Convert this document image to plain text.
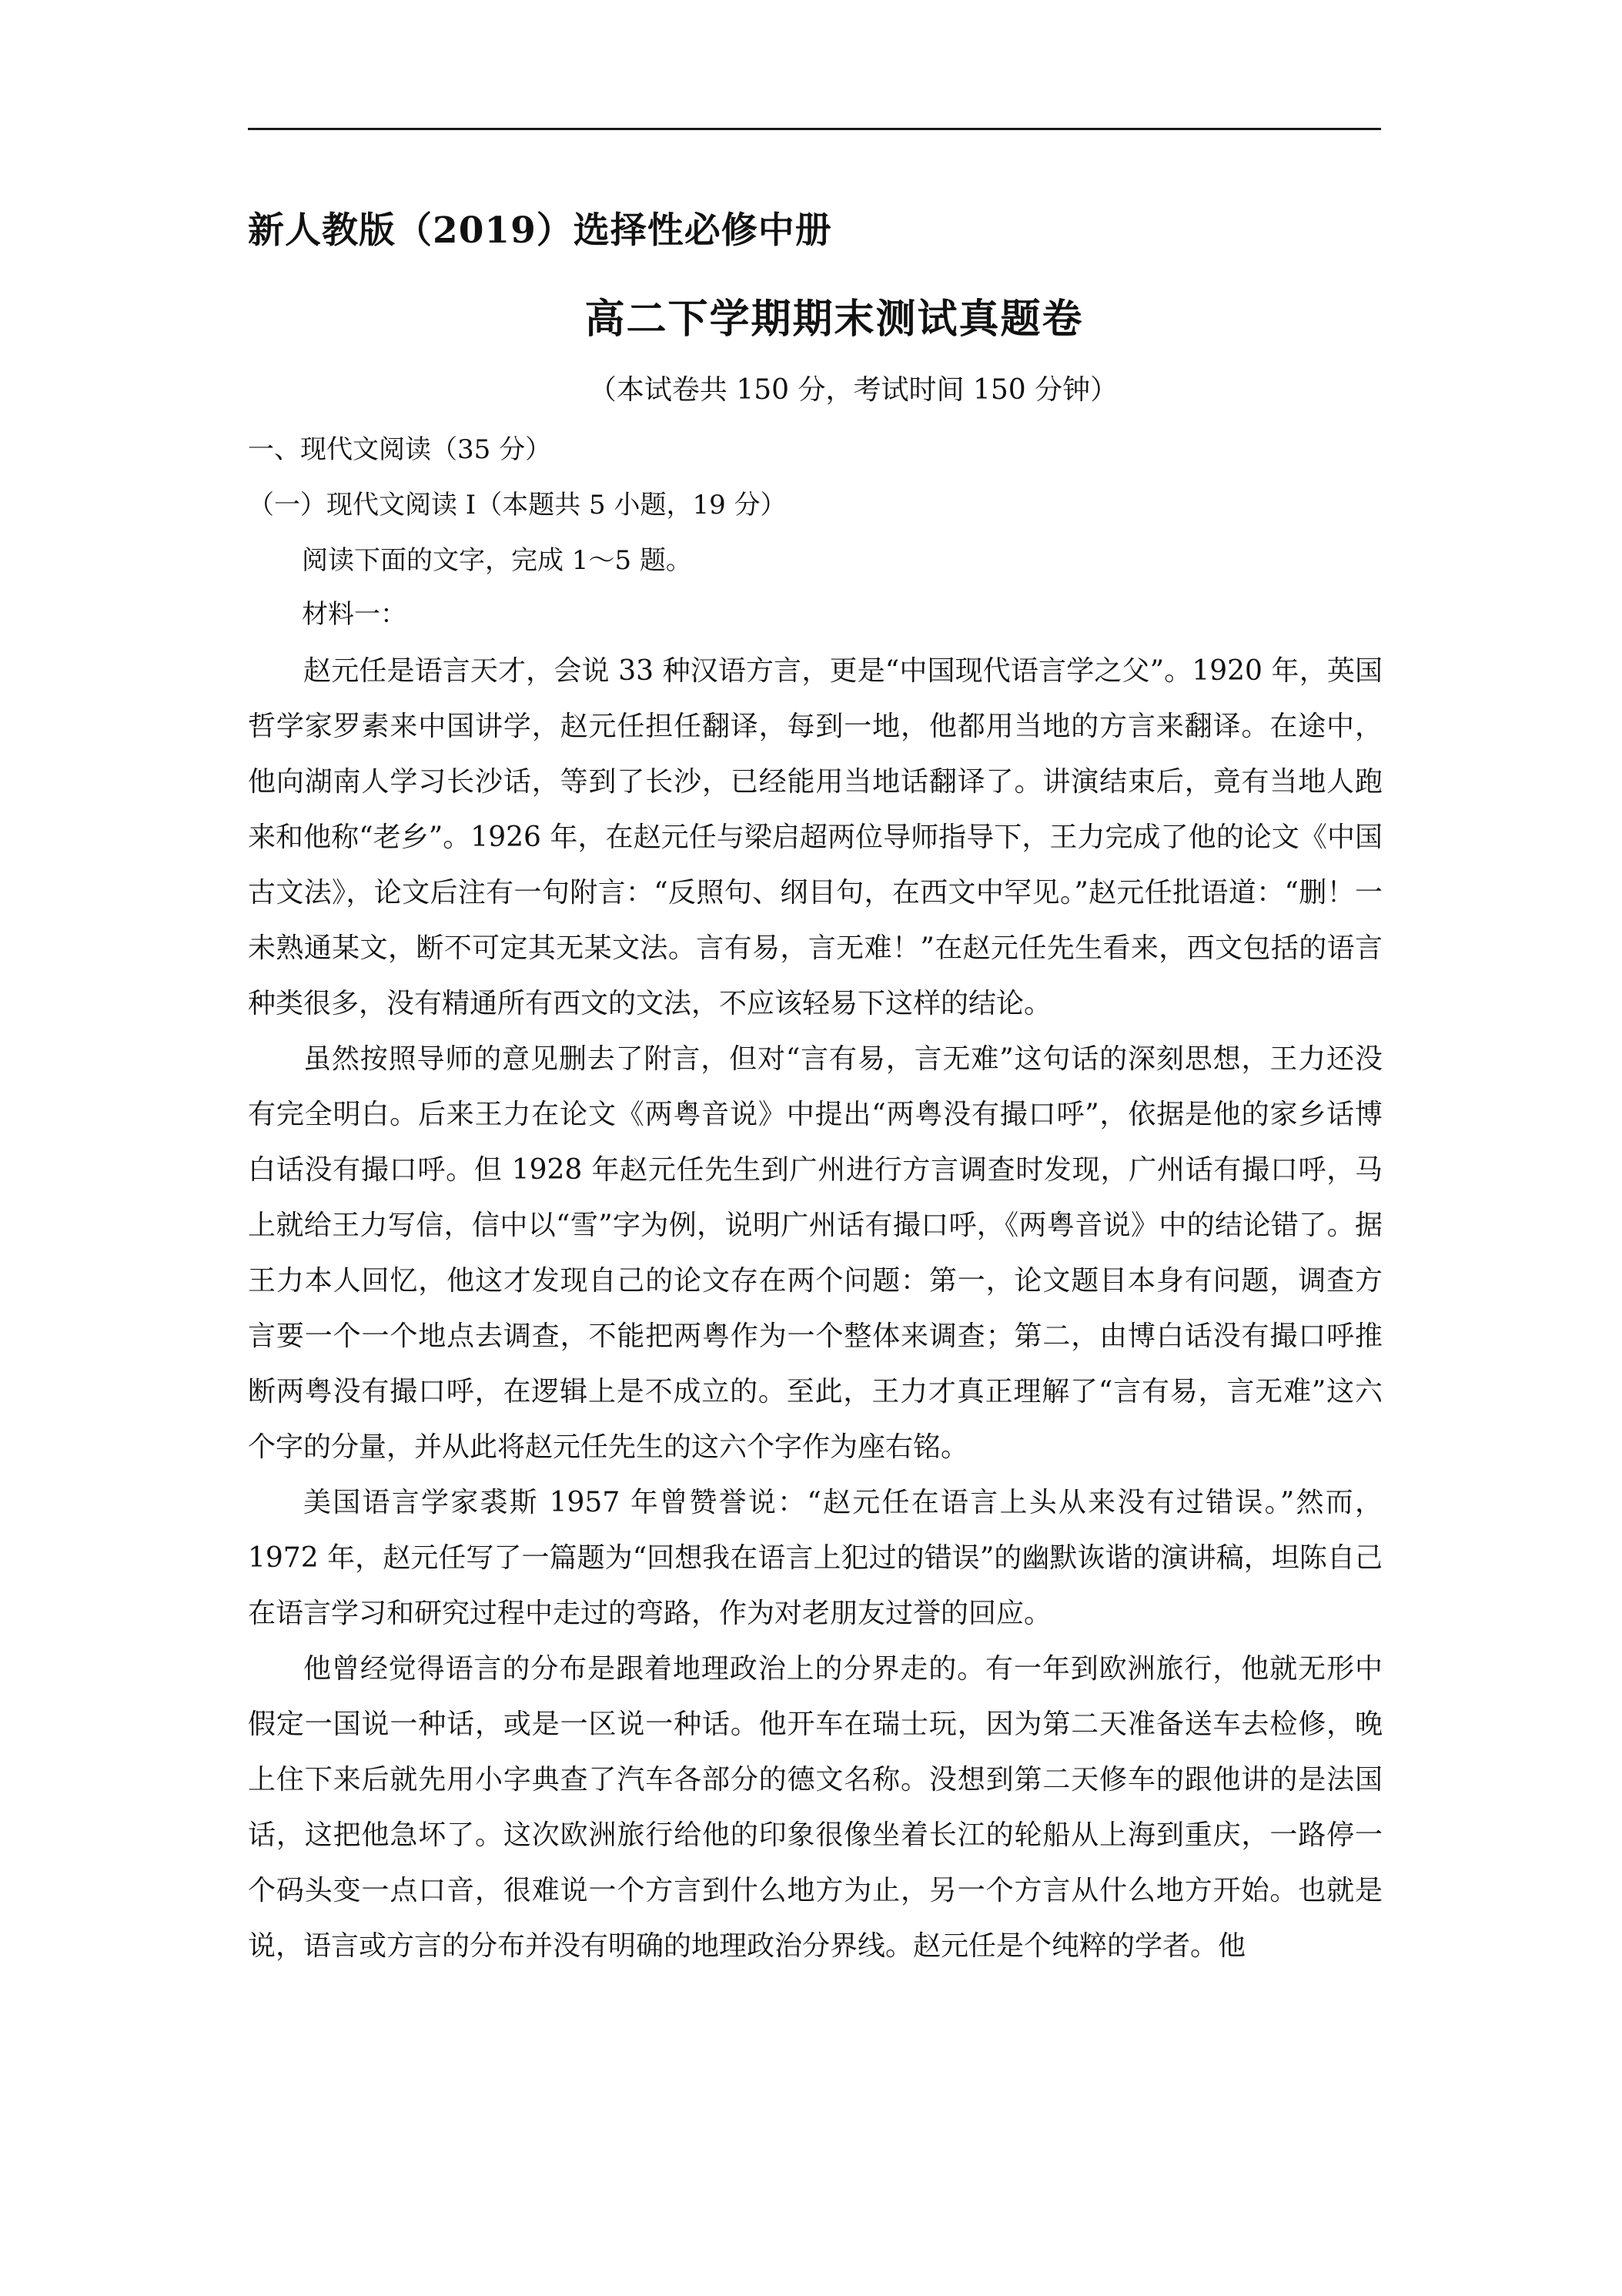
新人教版（2019）选择性必修中册
高二下学期期末测试真题卷
（本试卷共 150 分，考试时间 150 分钟）
一、现代文阅读（35 分）
（一）现代文阅读 I（本题共 5 小题，19 分）
阅读下面的文字，完成 1～5 题。
材料一：

赵元任是语言天才，会说 33 种汉语方言，更是“中国现代语言学之父”。1920 年，英国哲学家罗素来中国讲学，赵元任担任翻译，每到一地，他都用当地的方言来翻译。在途中，他向湖南人学习长沙话，等到了长沙，已经能用当地话翻译了。讲演结束后，竟有当地人跑来和他称“老乡”。1926 年，在赵元任与梁启超两位导师指导下，王力完成了他的论文《中国古文法》，论文后注有一句附言：“反照句、纲目句，在西文中罕见。”赵元任批语道：“删！一未熟通某文，断不可定其无某文法。言有易，言无难！”在赵元任先生看来，西文包括的语言种类很多，没有精通所有西文的文法，不应该轻易下这样的结论。

虽然按照导师的意见删去了附言，但对“言有易，言无难”这句话的深刻思想，王力还没有完全明白。后来王力在论文《两粤音说》中提出“两粤没有撮口呼”，依据是他的家乡话博白话没有撮口呼。但 1928 年赵元任先生到广州进行方言调查时发现，广州话有撮口呼，马上就给王力写信，信中以“雪”字为例，说明广州话有撮口呼，《两粤音说》中的结论错了。据王力本人回忆，他这才发现自己的论文存在两个问题：第一，论文题目本身有问题，调查方言要一个一个地点去调查，不能把两粤作为一个整体来调查；第二，由博白话没有撮口呼推断两粤没有撮口呼，在逻辑上是不成立的。至此，王力才真正理解了“言有易，言无难”这六个字的分量，并从此将赵元任先生的这六个字作为座右铭。

美国语言学家裘斯 1957 年曾赞誉说：“赵元任在语言上头从来没有过错误。”然而，1972 年，赵元任写了一篇题为“回想我在语言上犯过的错误”的幽默诙谐的演讲稿，坦陈自己在语言学习和研究过程中走过的弯路，作为对老朋友过誉的回应。

他曾经觉得语言的分布是跟着地理政治上的分界走的。有一年到欧洲旅行，他就无形中假定一国说一种话，或是一区说一种话。他开车在瑞士玩，因为第二天准备送车去检修，晚上住下来后就先用小字典查了汽车各部分的德文名称。没想到第二天修车的跟他讲的是法国话，这把他急坏了。这次欧洲旅行给他的印象很像坐着长江的轮船从上海到重庆，一路停一个码头变一点口音，很难说一个方言到什么地方为止，另一个方言从什么地方开始。也就是说，语言或方言的分布并没有明确的地理政治分界线。赵元任是个纯粹的学者。他
